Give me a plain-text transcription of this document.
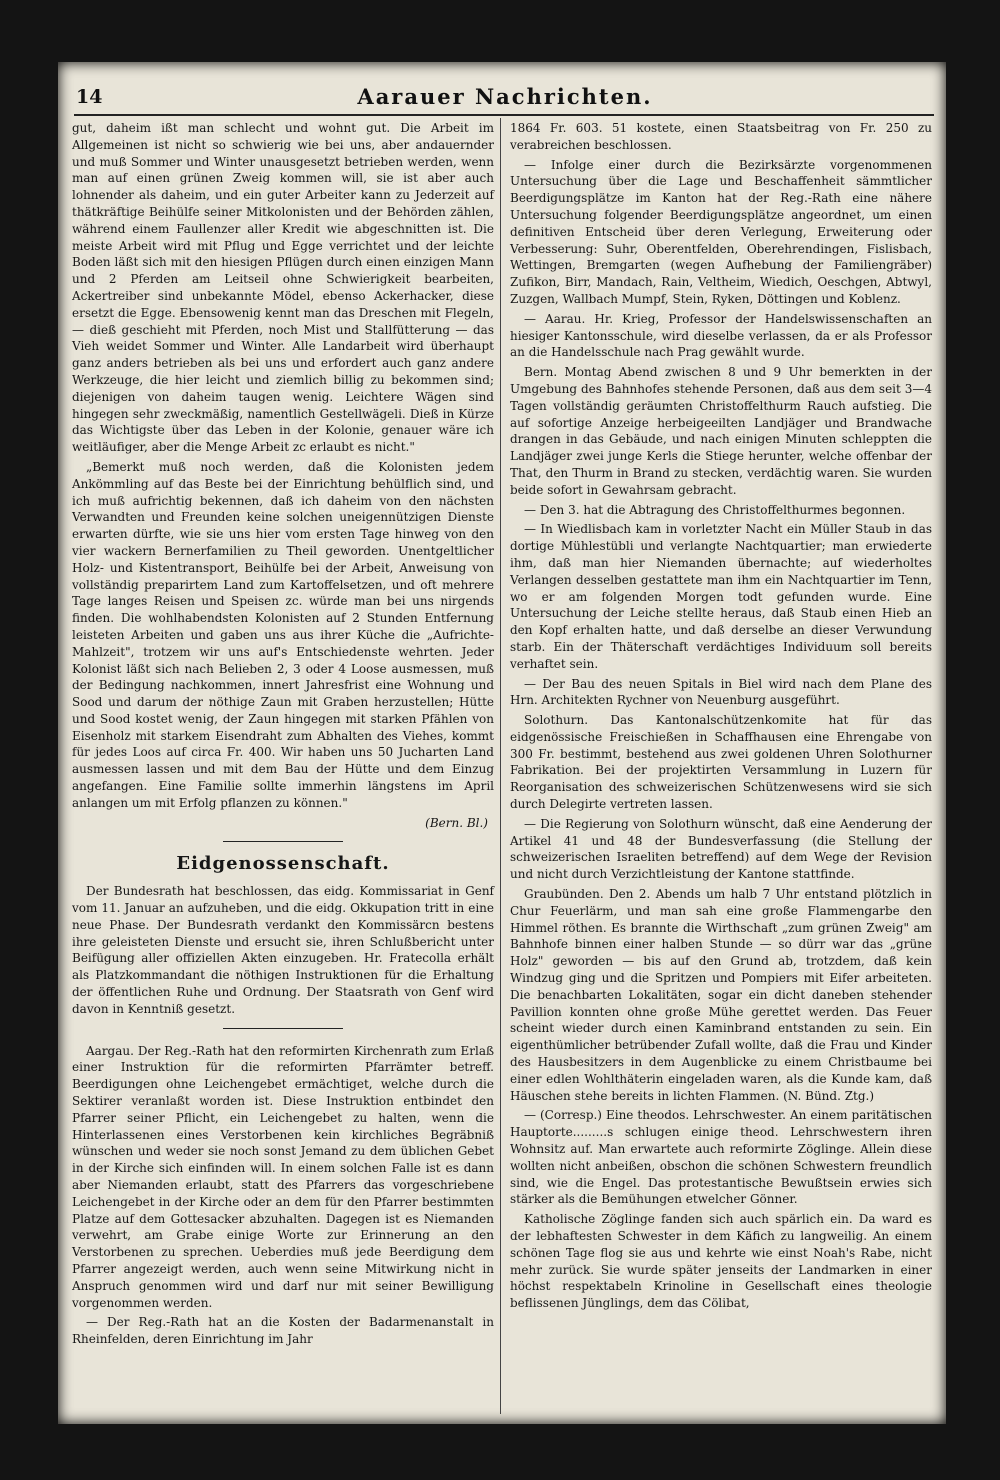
14	Aarauer Nachrichten.

gut, daheim ißt man schlecht und wohnt gut. Die Arbeit im Allgemeinen ist nicht so schwierig wie bei uns, aber andauernder und muß Sommer und Winter unausgesetzt betrieben werden, wenn man auf einen grünen Zweig kommen will, sie ist aber auch lohnender als daheim, und ein guter Arbeiter kann zu Jederzeit auf thätkräftige Beihülfe seiner Mitkolonisten und der Behörden zählen, während einem Faullenzer aller Kredit wie abgeschnitten ist. Die meiste Arbeit wird mit Pflug und Egge verrichtet und der leichte Boden läßt sich mit den hiesigen Pflügen durch einen einzigen Mann und 2 Pferden am Leitseil ohne Schwierigkeit bearbeiten, Ackertreiber sind unbekannte Mödel, ebenso Ackerhacker, diese ersetzt die Egge. Ebensowenig kennt man das Dreschen mit Flegeln, — dieß geschieht mit Pferden, noch Mist und Stallfütterung — das Vieh weidet Sommer und Winter. Alle Landarbeit wird überhaupt ganz anders betrieben als bei uns und erfordert auch ganz andere Werkzeuge, die hier leicht und ziemlich billig zu bekommen sind; diejenigen von daheim taugen wenig. Leichtere Wägen sind hingegen sehr zweckmäßig, namentlich Gestellwägeli. Dieß in Kürze das Wichtigste über das Leben in der Kolonie, genauer wäre ich weitläufiger, aber die Menge Arbeit zc erlaubt es nicht."

„Bemerkt muß noch werden, daß die Kolonisten jedem Ankömmling auf das Beste bei der Einrichtung behülflich sind, und ich muß aufrichtig bekennen, daß ich daheim von den nächsten Verwandten und Freunden keine solchen uneigennützigen Dienste erwarten dürfte, wie sie uns hier vom ersten Tage hinweg von den vier wackern Bernerfamilien zu Theil geworden. Unentgeltlicher Holz- und Kistentransport, Beihülfe bei der Arbeit, Anweisung von vollständig preparirtem Land zum Kartoffelsetzen, und oft mehrere Tage langes Reisen und Speisen zc. würde man bei uns nirgends finden. Die wohlhabendsten Kolonisten auf 2 Stunden Entfernung leisteten Arbeiten und gaben uns aus ihrer Küche die „Aufrichte-Mahlzeit", trotzem wir uns auf's Entschiedenste wehrten. Jeder Kolonist läßt sich nach Belieben 2, 3 oder 4 Loose ausmessen, muß der Bedingung nachkommen, innert Jahresfrist eine Wohnung und Sood und darum der nöthige Zaun mit Graben herzustellen; Hütte und Sood kostet wenig, der Zaun hingegen mit starken Pfählen von Eisenholz mit starkem Eisendraht zum Abhalten des Viehes, kommt für jedes Loos auf circa Fr. 400. Wir haben uns 50 Jucharten Land ausmessen lassen und mit dem Bau der Hütte und dem Einzug angefangen. Eine Familie sollte immerhin längstens im April anlangen um mit Erfolg pflanzen zu können."

(Bern. Bl.)
Eidgenossenschaft.

Der Bundesrath hat beschlossen, das eidg. Kommissariat in Genf vom 11. Januar an aufzuheben, und die eidg. Okkupation tritt in eine neue Phase. Der Bundesrath verdankt den Kommissärcn bestens ihre geleisteten Dienste und ersucht sie, ihren Schlußbericht unter Beifügung aller offiziellen Akten einzugeben. Hr. Fratecolla erhält als Platzkommandant die nöthigen Instruktionen für die Erhaltung der öffentlichen Ruhe und Ordnung. Der Staatsrath von Genf wird davon in Kenntniß gesetzt.

Aargau. Der Reg.-Rath hat den reformirten Kirchenrath zum Erlaß einer Instruktion für die reformirten Pfarrämter betreff. Beerdigungen ohne Leichengebet ermächtiget, welche durch die Sektirer veranlaßt worden ist. Diese Instruktion entbindet den Pfarrer seiner Pflicht, ein Leichengebet zu halten, wenn die Hinterlassenen eines Verstorbenen kein kirchliches Begräbniß wünschen und weder sie noch sonst Jemand zu dem üblichen Gebet in der Kirche sich einfinden will. In einem solchen Falle ist es dann aber Niemanden erlaubt, statt des Pfarrers das vorgeschriebene Leichengebet in der Kirche oder an dem für den Pfarrer bestimmten Platze auf dem Gottesacker abzuhalten. Dagegen ist es Niemanden verwehrt, am Grabe einige Worte zur Erinnerung an den Verstorbenen zu sprechen. Ueberdies muß jede Beerdigung dem Pfarrer angezeigt werden, auch wenn seine Mitwirkung nicht in Anspruch genommen wird und darf nur mit seiner Bewilligung vorgenommen werden.

— Der Reg.-Rath hat an die Kosten der Badarmenanstalt in Rheinfelden, deren Einrichtung im Jahr

1864 Fr. 603. 51 kostete, einen Staatsbeitrag von Fr. 250 zu verabreichen beschlossen.

— Infolge einer durch die Bezirksärzte vorgenommenen Untersuchung über die Lage und Beschaffenheit sämmtlicher Beerdigungsplätze im Kanton hat der Reg.-Rath eine nähere Untersuchung folgender Beerdigungsplätze angeordnet, um einen definitiven Entscheid über deren Verlegung, Erweiterung oder Verbesserung: Suhr, Oberentfelden, Oberehrendingen, Fislisbach, Wettingen, Bremgarten (wegen Aufhebung der Familiengräber) Zufikon, Birr, Mandach, Rain, Veltheim, Wiedich, Oeschgen, Abtwyl, Zuzgen, Wallbach Mumpf, Stein, Ryken, Döttingen und Koblenz.

— Aarau. Hr. Krieg, Professor der Handelswissenschaften an hiesiger Kantonsschule, wird dieselbe verlassen, da er als Professor an die Handelsschule nach Prag gewählt wurde.

Bern. Montag Abend zwischen 8 und 9 Uhr bemerkten in der Umgebung des Bahnhofes stehende Personen, daß aus dem seit 3—4 Tagen vollständig geräumten Christoffelthurm Rauch aufstieg. Die auf sofortige Anzeige herbeigeeilten Landjäger und Brandwache drangen in das Gebäude, und nach einigen Minuten schleppten die Landjäger zwei junge Kerls die Stiege herunter, welche offenbar der That, den Thurm in Brand zu stecken, verdächtig waren. Sie wurden beide sofort in Gewahrsam gebracht.

— Den 3. hat die Abtragung des Christoffelthurmes begonnen.

— In Wiedlisbach kam in vorletzter Nacht ein Müller Staub in das dortige Mühlestübli und verlangte Nachtquartier; man erwiederte ihm, daß man hier Niemanden übernachte; auf wiederholtes Verlangen desselben gestattete man ihm ein Nachtquartier im Tenn, wo er am folgenden Morgen todt gefunden wurde. Eine Untersuchung der Leiche stellte heraus, daß Staub einen Hieb an den Kopf erhalten hatte, und daß derselbe an dieser Verwundung starb. Ein der Thäterschaft verdächtiges Individuum soll bereits verhaftet sein.

— Der Bau des neuen Spitals in Biel wird nach dem Plane des Hrn. Architekten Rychner von Neuenburg ausgeführt.

Solothurn. Das Kantonalschützenkomite hat für das eidgenössische Freischießen in Schaffhausen eine Ehrengabe von 300 Fr. bestimmt, bestehend aus zwei goldenen Uhren Solothurner Fabrikation. Bei der projektirten Versammlung in Luzern für Reorganisation des schweizerischen Schützenwesens wird sie sich durch Delegirte vertreten lassen.

— Die Regierung von Solothurn wünscht, daß eine Aenderung der Artikel 41 und 48 der Bundesverfassung (die Stellung der schweizerischen Israeliten betreffend) auf dem Wege der Revision und nicht durch Verzichtleistung der Kantone stattfinde.

Graubünden. Den 2. Abends um halb 7 Uhr entstand plötzlich in Chur Feuerlärm, und man sah eine große Flammengarbe den Himmel röthen. Es brannte die Wirthschaft „zum grünen Zweig" am Bahnhofe binnen einer halben Stunde — so dürr war das „grüne Holz" geworden — bis auf den Grund ab, trotzdem, daß kein Windzug ging und die Spritzen und Pompiers mit Eifer arbeiteten. Die benachbarten Lokalitäten, sogar ein dicht daneben stehender Pavillion konnten ohne große Mühe gerettet werden. Das Feuer scheint wieder durch einen Kaminbrand entstanden zu sein. Ein eigenthümlicher betrübender Zufall wollte, daß die Frau und Kinder des Hausbesitzers in dem Augenblicke zu einem Christbaume bei einer edlen Wohlthäterin eingeladen waren, als die Kunde kam, daß Häuschen stehe bereits in lichten Flammen. (N. Bünd. Ztg.)

— (Corresp.) Eine theodos. Lehrschwester. An einem paritätischen Hauptorte.........s schlugen einige theod. Lehrschwestern ihren Wohnsitz auf. Man erwartete auch reformirte Zöglinge. Allein diese wollten nicht anbeißen, obschon die schönen Schwestern freundlich sind, wie die Engel. Das protestantische Bewußtsein erwies sich stärker als die Bemühungen etwelcher Gönner.

Katholische Zöglinge fanden sich auch spärlich ein. Da ward es der lebhaftesten Schwester in dem Käfich zu langweilig. An einem schönen Tage flog sie aus und kehrte wie einst Noah's Rabe, nicht mehr zurück. Sie wurde später jenseits der Landmarken in einer höchst respektabeln Krinoline in Gesellschaft eines theologie beflissenen Jünglings, dem das Cölibat,
